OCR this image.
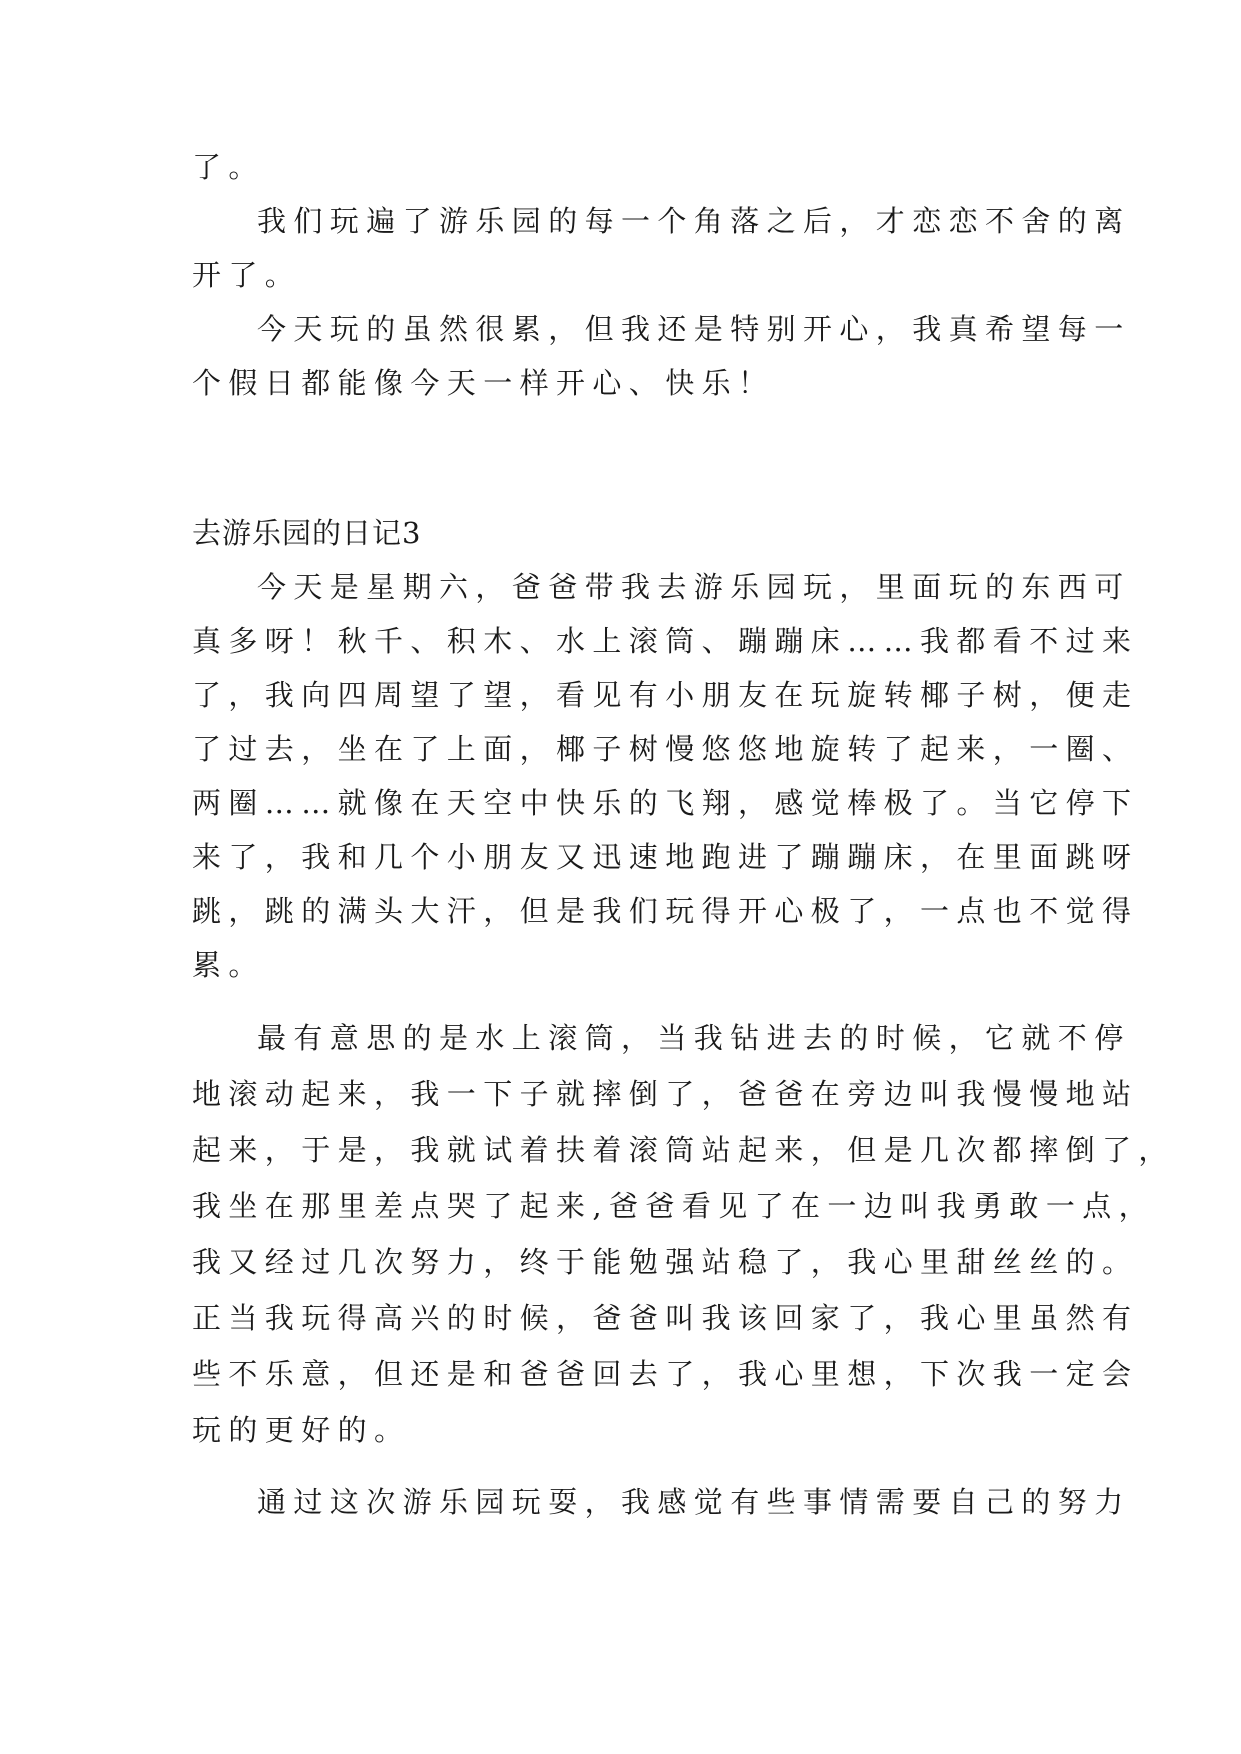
了。
我们玩遍了游乐园的每一个角落之后，才恋恋不舍的离
开了。
今天玩的虽然很累，但我还是特别开心，我真希望每一
个假日都能像今天一样开心、快乐！
去游乐园的日记3
今天是星期六，爸爸带我去游乐园玩，里面玩的东西可
真多呀！秋千、积木、水上滚筒、蹦蹦床……我都看不过来
了，我向四周望了望，看见有小朋友在玩旋转椰子树，便走
了过去，坐在了上面，椰子树慢悠悠地旋转了起来，一圈、
两圈……就像在天空中快乐的飞翔，感觉棒极了。当它停下
来了，我和几个小朋友又迅速地跑进了蹦蹦床，在里面跳呀
跳，跳的满头大汗，但是我们玩得开心极了，一点也不觉得
累。
最有意思的是水上滚筒，当我钻进去的时候，它就不停
地滚动起来，我一下子就摔倒了，爸爸在旁边叫我慢慢地站
起来，于是，我就试着扶着滚筒站起来，但是几次都摔倒了，
我坐在那里差点哭了起来,爸爸看见了在一边叫我勇敢一点，
我又经过几次努力，终于能勉强站稳了，我心里甜丝丝的。
正当我玩得高兴的时候，爸爸叫我该回家了，我心里虽然有
些不乐意，但还是和爸爸回去了，我心里想，下次我一定会
玩的更好的。
通过这次游乐园玩耍，我感觉有些事情需要自己的努力
